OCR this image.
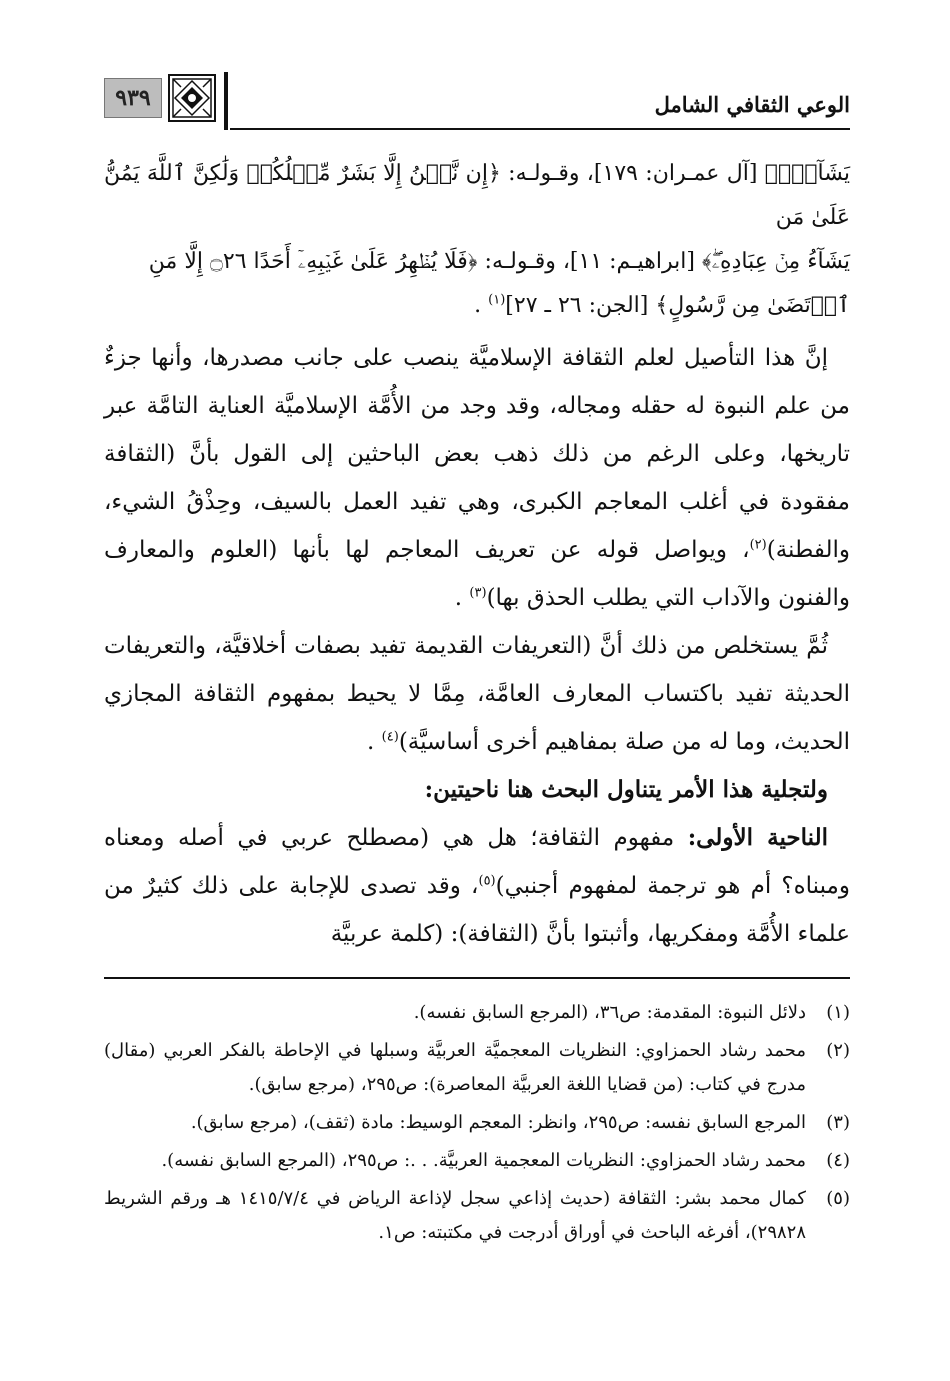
الوعي الثقافي الشامل
٩٣٩

يَشَآءُۖ﴾ [آل عمـران: ١٧٩]، وقـولـه: ﴿إِن نَّحۡنُ إِلَّا بَشَرٌ مِّثۡلُكُمۡ وَلَٰكِنَّ ٱللَّهَ يَمُنُّ عَلَىٰ مَن

يَشَآءُ مِنۡ عِبَادِهِۦۖ﴾ [ابراهيـم: ١١]، وقـولـه: ﴿فَلَا يُظۡهِرُ عَلَىٰ غَيۡبِهِۦٓ أَحَدًا ۝٢٦ إِلَّا مَنِ

ٱرۡتَضَىٰ مِن رَّسُولٍ﴾ [الجن: ٢٦ ـ ٢٧]$^{(١)}$ .

إنَّ هذا التأصيل لعلم الثقافة الإسلاميَّة ينصب على جانب مصدرها، وأنها جزءٌ من علم النبوة له حقله ومجاله، وقد وجد من الأُمَّة الإسلاميَّة العناية التامَّة عبر تاريخها، وعلى الرغم من ذلك ذهب بعض الباحثين إلى القول بأنَّ (الثقافة مفقودة في أغلب المعاجم الكبرى، وهي تفيد العمل بالسيف، وحِذْقُ الشيء، والفطنة)$^{(٢)}$، ويواصل قوله عن تعريف المعاجم لها بأنها (العلوم والمعارف والفنون والآداب التي يطلب الحذق بها)$^{(٣)}$ .

ثُمَّ يستخلص من ذلك أنَّ (التعريفات القديمة تفيد بصفات أخلاقيَّة، والتعريفات الحديثة تفيد باكتساب المعارف العامَّة، مِمَّا لا يحيط بمفهوم الثقافة المجازي الحديث، وما له من صلة بمفاهيم أخرى أساسيَّة)$^{(٤)}$ .

ولتجلية هذا الأمر يتناول البحث هنا ناحيتين:

الناحية الأولى: مفهوم الثقافة؛ هل هي (مصطلح عربي في أصله ومعناه ومبناه؟ أم هو ترجمة لمفهوم أجنبي)$^{(٥)}$، وقد تصدى للإجابة على ذلك كثيرٌ من علماء الأُمَّة ومفكريها، وأثبتوا بأنَّ (الثقافة): (كلمة عربيَّة

(١)
دلائل النبوة: المقدمة: ص٣٦، (المرجع السابق نفسه).
(٢)
محمد رشاد الحمزاوي: النظريات المعجميَّة العربيَّة وسبلها في الإحاطة بالفكر العربي (مقال) مدرج في كتاب: (من قضايا اللغة العربيَّة المعاصرة): ص٢٩٥، (مرجع سابق).
(٣)
المرجع السابق نفسه: ص٢٩٥، وانظر: المعجم الوسيط: مادة (ثقف)، (مرجع سابق).
(٤)
محمد رشاد الحمزاوي: النظريات المعجمية العربيَّة. . .: ص٢٩٥، (المرجع السابق نفسه).
(٥)
كمال محمد بشر: الثقافة (حديث إذاعي سجل لإذاعة الرياض في ١٤١٥/٧/٤ هـ ورقم الشريط ٢٩٨٢٨)، أفرغه الباحث في أوراق أدرجت في مكتبته: ص١.
